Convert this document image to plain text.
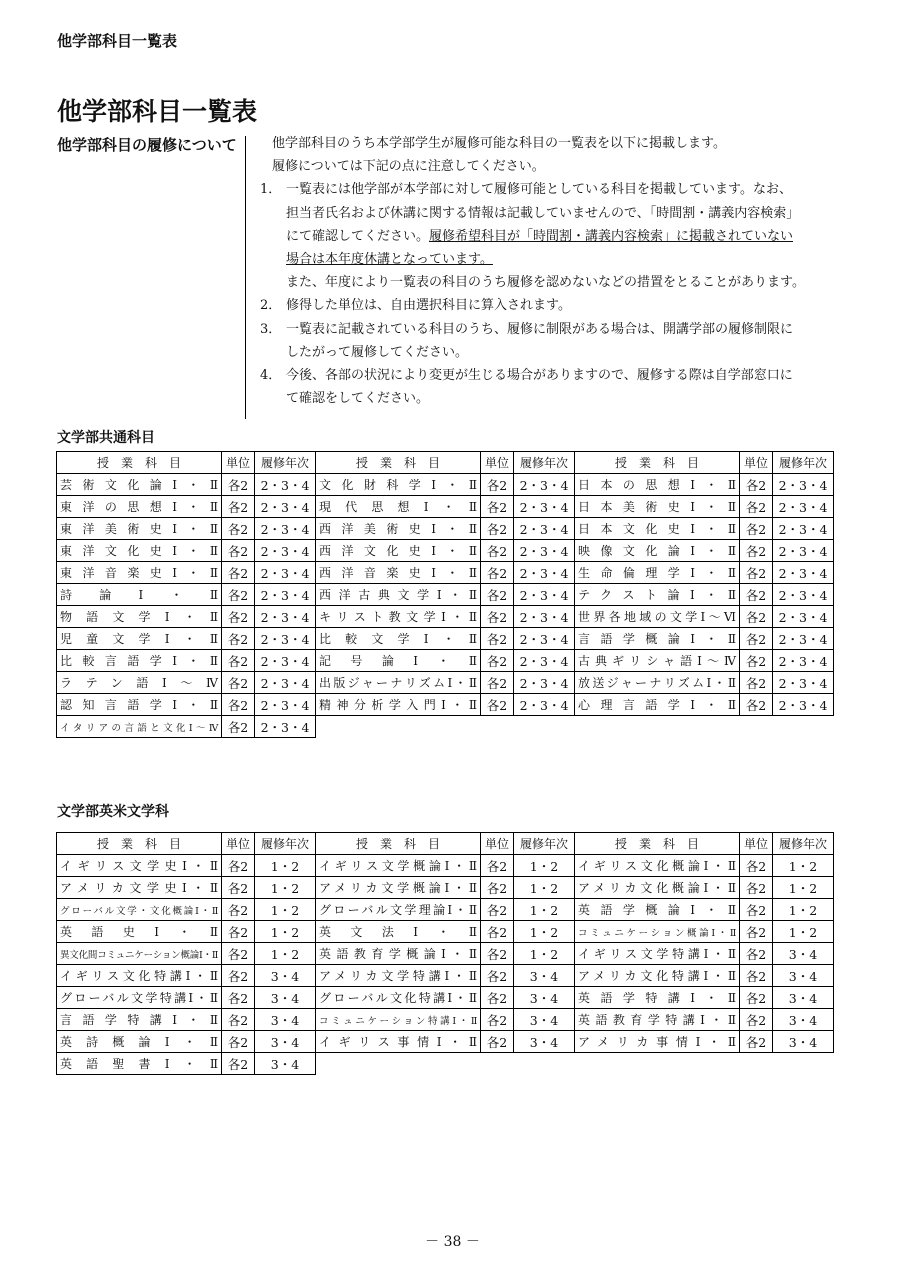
他学部科目一覧表
他学部科目一覧表
他学部科目の履修について	他学部科目のうち本学部学生が履修可能な科目の一覧表を以下に掲載します。

履修については下記の点に注意してください。

1． 一覧表には他学部が本学部に対して履修可能としている科目を掲載しています。なお、

担当者氏名および休講に関する情報は記載していませんので、「時間割・講義内容検索」

にて確認してください。履修希望科目が「時間割・講義内容検索」に掲載されていない

場合は本年度休講となっています。

また、年度により一覧表の科目のうち履修を認めないなどの措置をとることがあります。

2． 修得した単位は、自由選択科目に算入されます。

3． 一覧表に記載されている科目のうち、履修に制限がある場合は、開講学部の履修制限に

したがって履修してください。

4． 今後、各部の状況により変更が生じる場合がありますので、履修する際は自学部窓口に

て確認をしてください。

文学部共通科目
授　業　科　目	単位	履修年次	授　業　科　目	単位	履修年次	授　業　科　目	単位	履修年次
芸術文化論Ⅰ・Ⅱ	各2	2・3・4	文化財科学Ⅰ・Ⅱ	各2	2・3・4	日本の思想Ⅰ・Ⅱ	各2	2・3・4
東洋の思想Ⅰ・Ⅱ	各2	2・3・4	現代思想Ⅰ・Ⅱ	各2	2・3・4	日本美術史Ⅰ・Ⅱ	各2	2・3・4
東洋美術史Ⅰ・Ⅱ	各2	2・3・4	西洋美術史Ⅰ・Ⅱ	各2	2・3・4	日本文化史Ⅰ・Ⅱ	各2	2・3・4
東洋文化史Ⅰ・Ⅱ	各2	2・3・4	西洋文化史Ⅰ・Ⅱ	各2	2・3・4	映像文化論Ⅰ・Ⅱ	各2	2・3・4
東洋音楽史Ⅰ・Ⅱ	各2	2・3・4	西洋音楽史Ⅰ・Ⅱ	各2	2・3・4	生命倫理学Ⅰ・Ⅱ	各2	2・3・4
詩論Ⅰ・Ⅱ	各2	2・3・4	西洋古典文学Ⅰ・Ⅱ	各2	2・3・4	テクスト論Ⅰ・Ⅱ	各2	2・3・4
物語文学Ⅰ・Ⅱ	各2	2・3・4	キリスト教文学Ⅰ・Ⅱ	各2	2・3・4	世界各地域の文学Ⅰ～Ⅵ	各2	2・3・4
児童文学Ⅰ・Ⅱ	各2	2・3・4	比較文学Ⅰ・Ⅱ	各2	2・3・4	言語学概論Ⅰ・Ⅱ	各2	2・3・4
比較言語学Ⅰ・Ⅱ	各2	2・3・4	記号論Ⅰ・Ⅱ	各2	2・3・4	古典ギリシャ語Ⅰ～Ⅳ	各2	2・3・4
ラテン語Ⅰ～Ⅳ	各2	2・3・4	出版ジャーナリズムⅠ・Ⅱ	各2	2・3・4	放送ジャーナリズムⅠ・Ⅱ	各2	2・3・4
認知言語学Ⅰ・Ⅱ	各2	2・3・4	精神分析学入門Ⅰ・Ⅱ	各2	2・3・4	心理言語学Ⅰ・Ⅱ	各2	2・3・4
イタリアの言語と文化Ⅰ～Ⅳ	各2	2・3・4						
文学部英米文学科
授　業　科　目	単位	履修年次	授　業　科　目	単位	履修年次	授　業　科　目	単位	履修年次
イギリス文学史Ⅰ・Ⅱ	各2	1・2	イギリス文学概論Ⅰ・Ⅱ	各2	1・2	イギリス文化概論Ⅰ・Ⅱ	各2	1・2
アメリカ文学史Ⅰ・Ⅱ	各2	1・2	アメリカ文学概論Ⅰ・Ⅱ	各2	1・2	アメリカ文化概論Ⅰ・Ⅱ	各2	1・2
グローバル文学・文化概論Ⅰ・Ⅱ	各2	1・2	グローバル文学理論Ⅰ・Ⅱ	各2	1・2	英語学概論Ⅰ・Ⅱ	各2	1・2
英語史Ⅰ・Ⅱ	各2	1・2	英文法Ⅰ・Ⅱ	各2	1・2	コミュニケーション概論Ⅰ・Ⅱ	各2	1・2
異文化間コミュニケーション概論Ⅰ・Ⅱ	各2	1・2	英語教育学概論Ⅰ・Ⅱ	各2	1・2	イギリス文学特講Ⅰ・Ⅱ	各2	3・4
イギリス文化特講Ⅰ・Ⅱ	各2	3・4	アメリカ文学特講Ⅰ・Ⅱ	各2	3・4	アメリカ文化特講Ⅰ・Ⅱ	各2	3・4
グローバル文学特講Ⅰ・Ⅱ	各2	3・4	グローバル文化特講Ⅰ・Ⅱ	各2	3・4	英語学特講Ⅰ・Ⅱ	各2	3・4
言語学特講Ⅰ・Ⅱ	各2	3・4	コミュニケーション特講Ⅰ・Ⅱ	各2	3・4	英語教育学特講Ⅰ・Ⅱ	各2	3・4
英詩概論Ⅰ・Ⅱ	各2	3・4	イギリス事情Ⅰ・Ⅱ	各2	3・4	アメリカ事情Ⅰ・Ⅱ	各2	3・4
英語聖書Ⅰ・Ⅱ	各2	3・4						
－ 38 －
